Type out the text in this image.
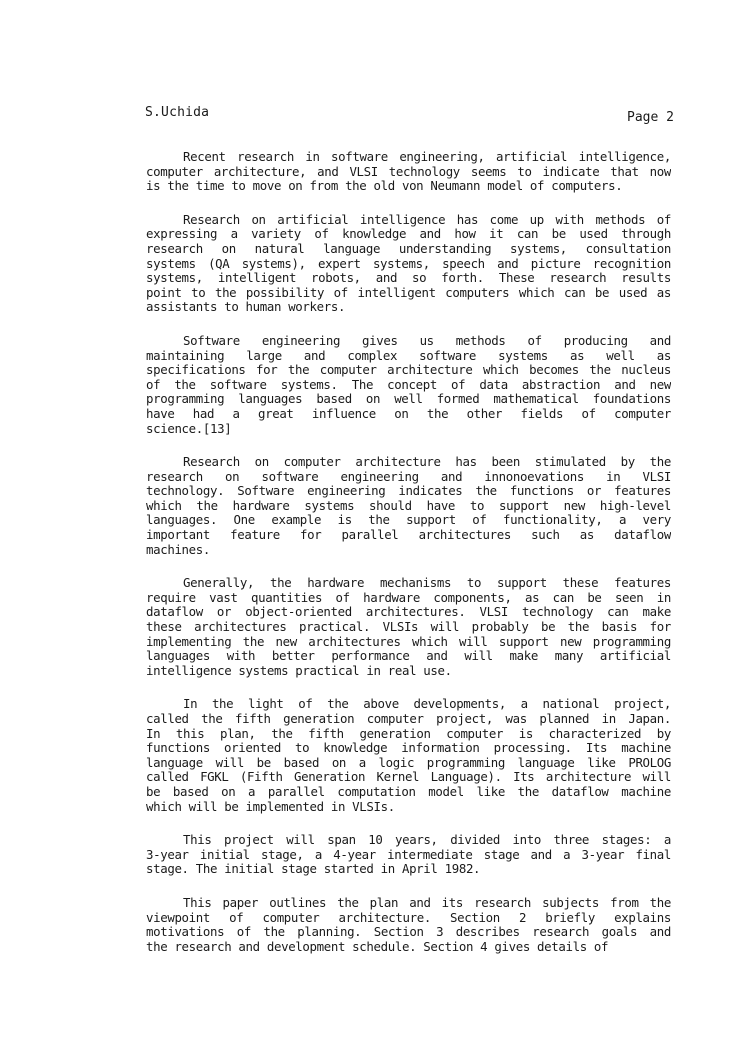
S.Uchida	Page 2
Recent research in software engineering, artificial intelligence,
computer architecture, and VLSI technology seems to indicate that now
is the time to move on from the old von Neumann model of computers.
Research on artificial intelligence has come up with methods of
expressing a variety of knowledge and how it can be used through
research on natural language understanding systems, consultation
systems (QA systems), expert systems, speech and picture recognition
systems, intelligent robots, and so forth. These research results
point to the possibility of intelligent computers which can be used as
assistants to human workers.
Software engineering gives us methods of producing and
maintaining large and complex software systems as well as
specifications for the computer architecture which becomes the nucleus
of the software systems. The concept of data abstraction and new
programming languages based on well formed mathematical foundations
have had a great influence on the other fields of computer
science.[13]
Research on computer architecture has been stimulated by the
research on software engineering and innonoevations in VLSI
technology. Software engineering indicates the functions or features
which the hardware systems should have to support new high-level
languages. One example is the support of functionality, a very
important feature for parallel architectures such as dataflow
machines.
Generally, the hardware mechanisms to support these features
require vast quantities of hardware components, as can be seen in
dataflow or object-oriented architectures. VLSI technology can make
these architectures practical. VLSIs will probably be the basis for
implementing the new architectures which will support new programming
languages with better performance and will make many artificial
intelligence systems practical in real use.
In the light of the above developments, a national project,
called the fifth generation computer project, was planned in Japan.
In this plan, the fifth generation computer is characterized by
functions oriented to knowledge information processing. Its machine
language will be based on a logic programming language like PROLOG
called FGKL (Fifth Generation Kernel Language). Its architecture will
be based on a parallel computation model like the dataflow machine
which will be implemented in VLSIs.
This project will span 10 years, divided into three stages: a
3-year initial stage, a 4-year intermediate stage and a 3-year final
stage. The initial stage started in April 1982.
This paper outlines the plan and its research subjects from the
viewpoint of computer architecture. Section 2 briefly explains
motivations of the planning. Section 3 describes research goals and
the research and development schedule. Section 4 gives details of
